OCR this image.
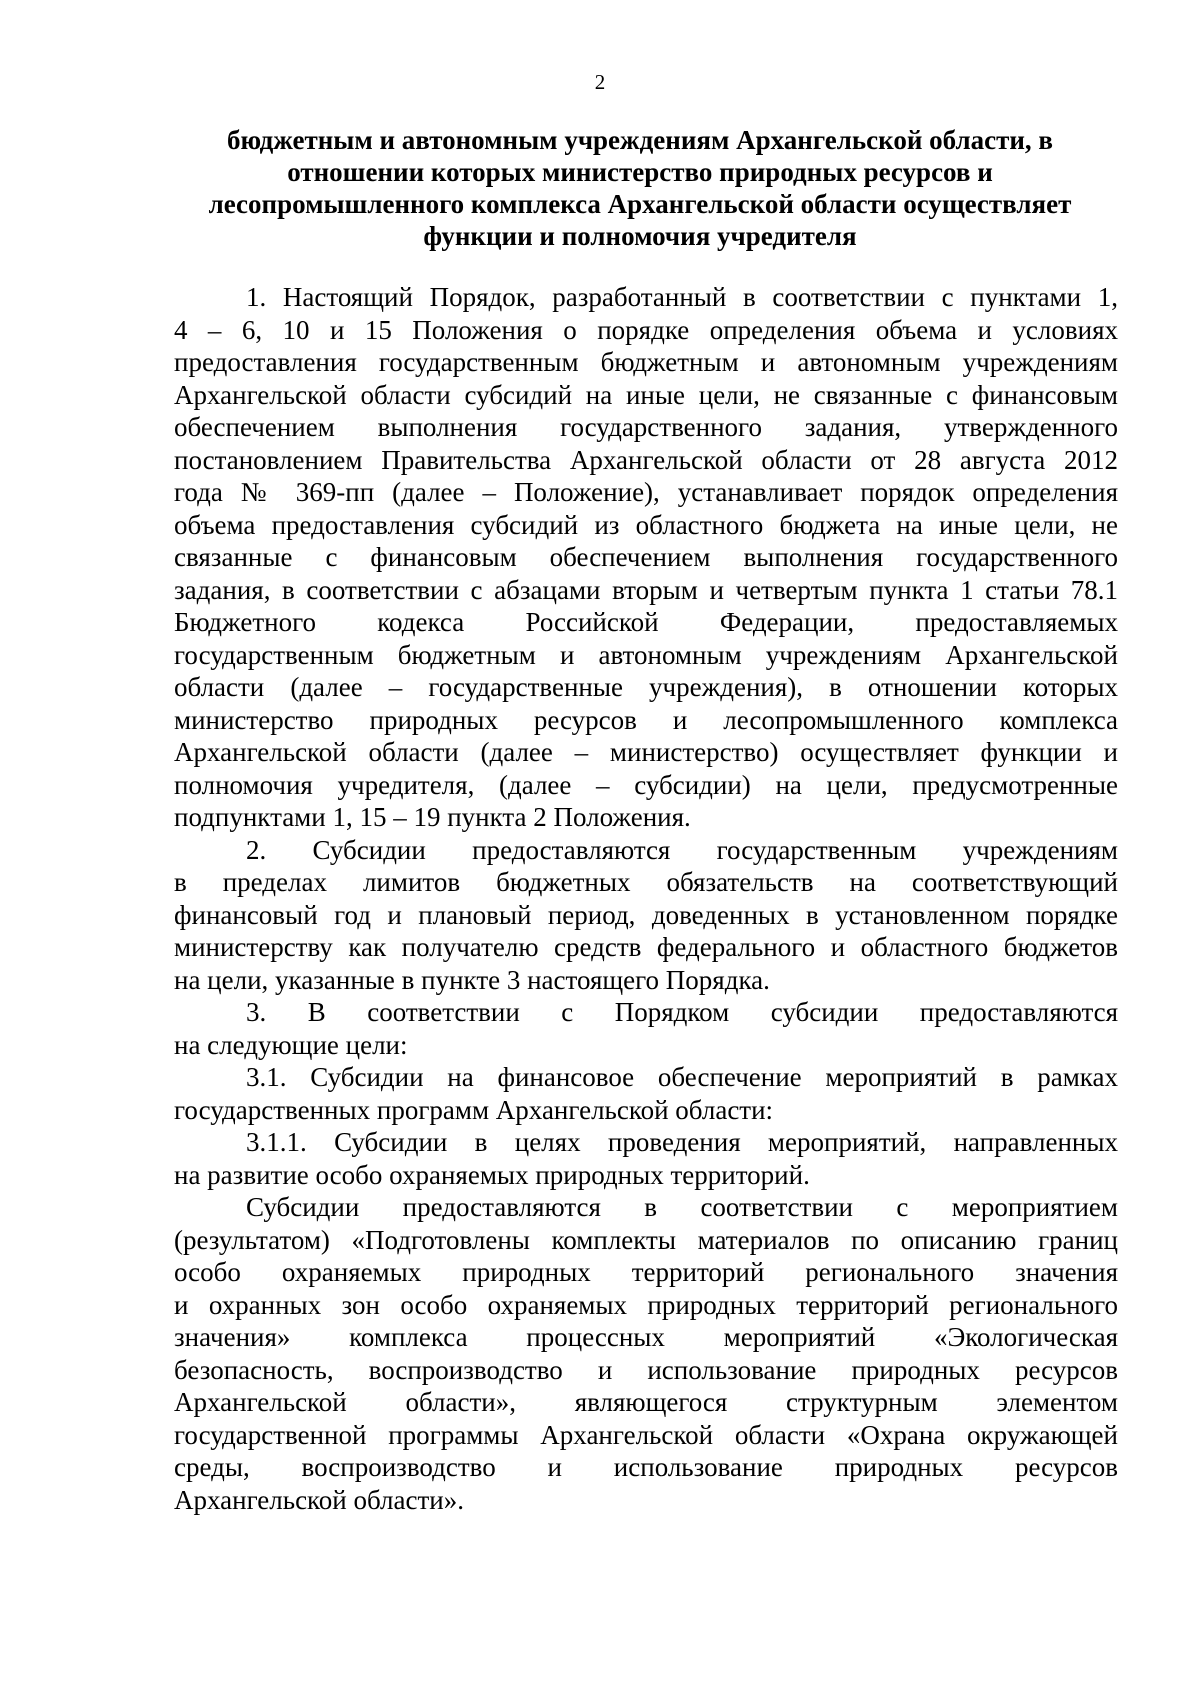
2
бюджетным и автономным учреждениям Архангельской области, в
отношении которых министерство природных ресурсов и
лесопромышленного комплекса Архангельской области осуществляет
функции и полномочия учредителя
1. Настоящий Порядок, разработанный в соответствии с пунктами 1,
4 – 6, 10 и 15 Положения о порядке определения объема и условиях
предоставления государственным бюджетным и автономным учреждениям
Архангельской области субсидий на иные цели, не связанные с финансовым
обеспечением выполнения государственного задания, утвержденного
постановлением Правительства Архангельской области от 28 августа 2012
года № 369-пп (далее – Положение), устанавливает порядок определения
объема предоставления субсидий из областного бюджета на иные цели, не
связанные с финансовым обеспечением выполнения государственного
задания, в соответствии с абзацами вторым и четвертым пункта 1 статьи 78.1
Бюджетного кодекса Российской Федерации, предоставляемых
государственным бюджетным и автономным учреждениям Архангельской
области (далее – государственные учреждения), в отношении которых
министерство природных ресурсов и лесопромышленного комплекса
Архангельской области (далее – министерство) осуществляет функции и
полномочия учредителя, (далее – субсидии) на цели, предусмотренные
подпунктами 1, 15 – 19 пункта 2 Положения.
2. Субсидии предоставляются государственным учреждениям
в пределах лимитов бюджетных обязательств на соответствующий
финансовый год и плановый период, доведенных в установленном порядке
министерству как получателю средств федерального и областного бюджетов
на цели, указанные в пункте 3 настоящего Порядка.
3. В соответствии с Порядком субсидии предоставляются
на следующие цели:
3.1. Субсидии на финансовое обеспечение мероприятий в рамках
государственных программ Архангельской области:
3.1.1. Субсидии в целях проведения мероприятий, направленных
на развитие особо охраняемых природных территорий.
Субсидии предоставляются в соответствии с мероприятием
(результатом) «Подготовлены комплекты материалов по описанию границ
особо охраняемых природных территорий регионального значения
и охранных зон особо охраняемых природных территорий регионального
значения» комплекса процессных мероприятий «Экологическая
безопасность, воспроизводство и использование природных ресурсов
Архангельской области», являющегося структурным элементом
государственной программы Архангельской области «Охрана окружающей
среды, воспроизводство и использование природных ресурсов
Архангельской области».
